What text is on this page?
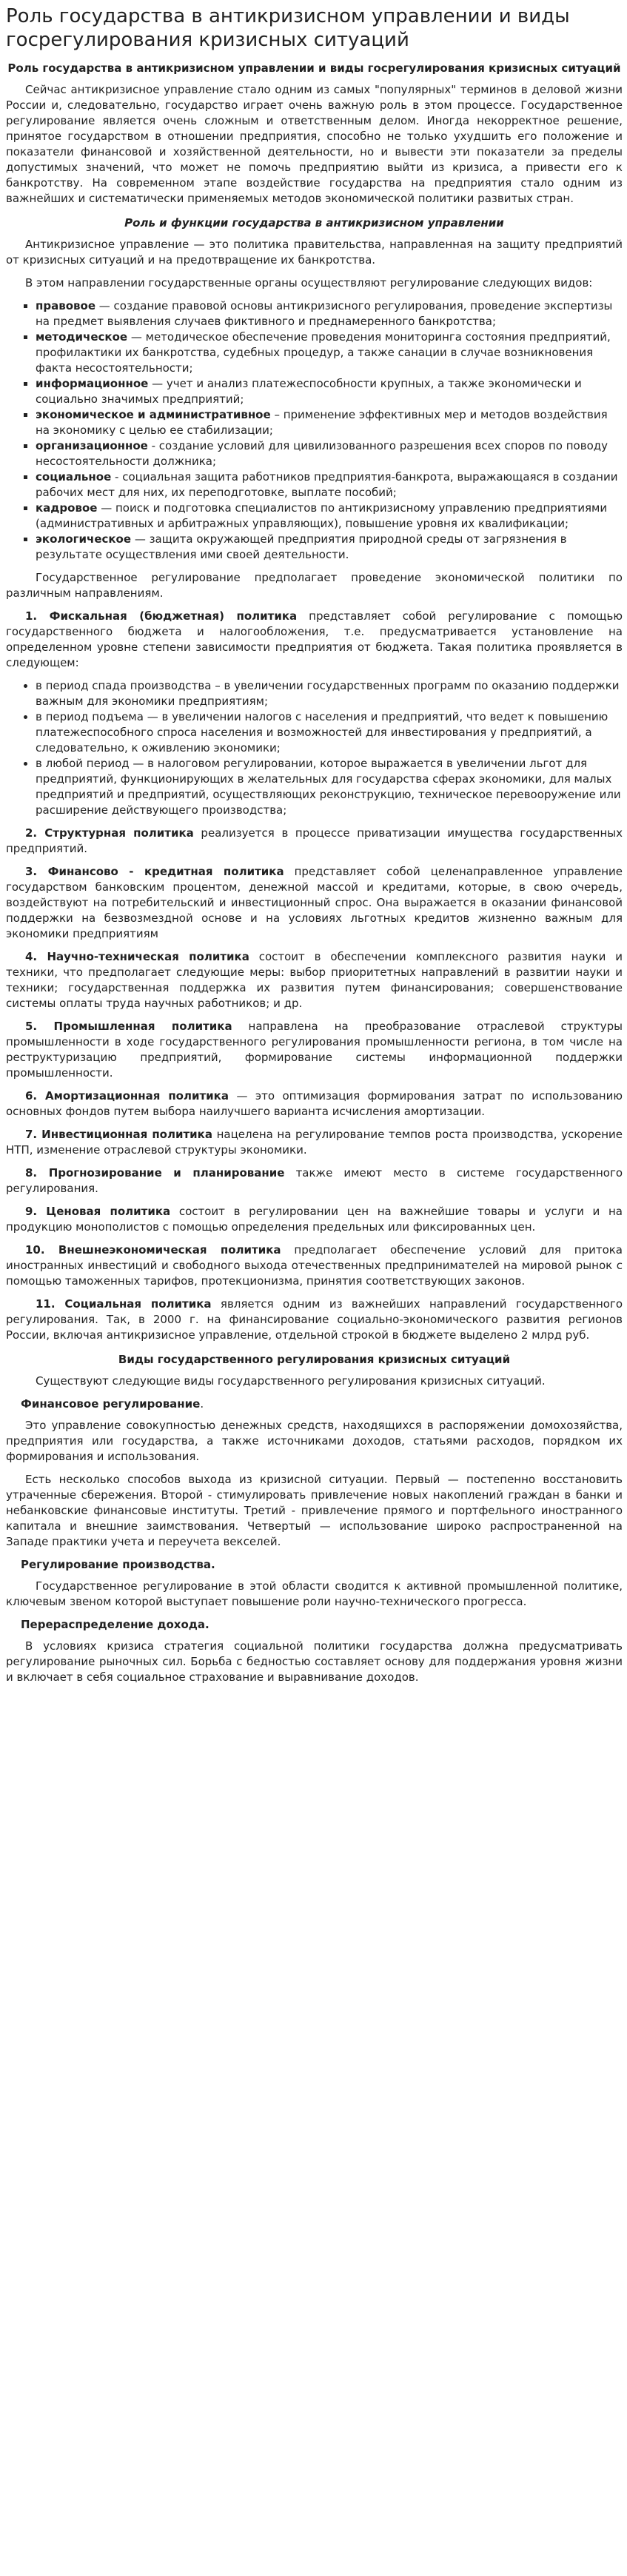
Роль государства в антикризисном управлении и виды госрегулирования кризисных ситуаций
Роль государства в антикризисном управлении и виды госрегулирования кризисных ситуаций

Сейчас антикризисное управление стало одним из самых "популярных" терминов в деловой жизни России и, следовательно, государство играет очень важную роль в этом процессе. Государственное регулирование является очень сложным и ответственным делом. Иногда некорректное решение, принятое государством в отношении предприятия, способно не только ухудшить его положение и показатели финансовой и хозяйственной деятельности, но и вывести эти показатели за пределы допустимых значений, что может не помочь предприятию выйти из кризиса, а привести его к банкротству. На современном этапе воздействие государства на предприятия стало одним из важнейших и систематически применяемых методов экономической политики развитых стран.

Роль и функции государства в антикризисном управлении

Антикризисное управление — это политика правительства, направленная на защиту предприятий от кризисных ситуаций и на предотвращение их банкротства.

В этом направлении государственные органы осуществляют регулирование следующих видов:

▪ правовое — создание правовой основы антикризисного регулирования, проведение экспертизы на предмет выявления случаев фиктивного и преднамеренного банкротства;
▪ методическое — методическое обеспечение проведения мониторинга состояния предприятий, профилактики их банкротства, судебных процедур, а также санации в случае возникновения факта несостоятельности;
▪ информационное — учет и анализ платежеспособности крупных, а также экономически и социально значимых предприятий;
▪ экономическое и административное – применение эффективных мер и методов воздействия на экономику с целью ее стабилизации;
▪ организационное - создание условий для цивилизованного разрешения всех споров по поводу несостоятельности должника;
▪ социальное - социальная защита работников предприятия-банкрота, выражающаяся в создании рабочих мест для них, их переподготовке, выплате пособий;
▪ кадровое — поиск и подготовка специалистов по антикризисному управлению предприятиями (административных и арбитражных управляющих), повышение уровня их квалификации;
▪ экологическое — защита окружающей предприятия природной среды от загрязнения в результате осуществления ими своей деятельности.

Государственное регулирование предполагает проведение экономической политики по различным направлениям.

1. Фискальная (бюджетная) политика представляет собой регулирование с помощью государственного бюджета и налогообложения, т.е. предусматривается установление на определенном уровне степени зависимости предприятия от бюджета. Такая политика проявляется в следующем:

• в период спада производства – в увеличении государственных программ по оказанию поддержки важным для экономики предприятиям;
• в период подъема — в увеличении налогов с населения и предприятий, что ведет к повышению платежеспособного спроса населения и возможностей для инвестирования у предприятий, а следовательно, к оживлению экономики;
• в любой период — в налоговом регулировании, которое выражается в увеличении льгот для предприятий, функционирующих в желательных для государства сферах экономики, для малых предприятий и предприятий, осуществляющих реконструкцию, техническое перевооружение или расширение действующего производства;

2. Структурная политика реализуется в процессе приватизации имущества государственных предприятий.

3. Финансово - кредитная политика представляет собой целенаправленное управление государством банковским процентом, денежной массой и кредитами, которые, в свою очередь, воздействуют на потребительский и инвестиционный спрос. Она выражается в оказании финансовой поддержки на безвозмездной основе и на условиях льготных кредитов жизненно важным для экономики предприятиям

4. Научно-техническая политика состоит в обеспечении комплексного развития науки и техники, что предполагает следующие меры: выбор приоритетных направлений в развитии науки и техники; государственная поддержка их развития путем финансирования; совершенствование системы оплаты труда научных работников; и др.

5. Промышленная политика направлена на преобразование отраслевой структуры промышленности в ходе государственного регулирования промышленности региона, в том числе на реструктуризацию предприятий, формирование системы информационной поддержки промышленности.

6. Амортизационная политика — это оптимизация формирования затрат по использованию основных фондов путем выбора наилучшего варианта исчисления амортизации.

7. Инвестиционная политика нацелена на регулирование темпов роста производства, ускорение НТП, изменение отраслевой структуры экономики.

8. Прогнозирование и планирование также имеют место в системе государственного регулирования.

9. Ценовая политика состоит в регулировании цен на важнейшие товары и услуги и на продукцию монополистов с помощью определения предельных или фиксированных цен.

10. Внешнеэкономическая политика предполагает обеспечение условий для притока иностранных инвестиций и свободного выхода отечественных предпринимателей на мировой рынок с помощью таможенных тарифов, протекционизма, принятия соответствующих законов.

11. Социальная политика является одним из важнейших направлений государственного регулирования. Так, в 2000 г. на финансирование социально-экономического развития регионов России, включая антикризисное управление, отдельной строкой в бюджете выделено 2 млрд руб.

Виды государственного регулирования кризисных ситуаций

Существуют следующие виды государственного регулирования кризисных ситуаций.

Финансовое регулирование.

Это управление совокупностью денежных средств, находящихся в распоряжении домохозяйства, предприятия или государства, а также источниками доходов, статьями расходов, порядком их формирования и использования.

Есть несколько способов выхода из кризисной ситуации. Первый — постепенно восстановить утраченные сбережения. Второй - стимулировать привлечение новых накоплений граждан в банки и небанковские финансовые институты. Третий - привлечение прямого и портфельного иностранного капитала и внешние заимствования. Четвертый — использование широко распространенной на Западе практики учета и переучета векселей.

Регулирование производства.

Государственное регулирование в этой области сводится к активной промышленной политике, ключевым звеном которой выступает повышение роли научно-технического прогресса.

Перераспределение дохода.

В условиях кризиса стратегия социальной политики государства должна предусматривать регулирование рыночных сил. Борьба с бедностью составляет основу для поддержания уровня жизни и включает в себя социальное страхование и выравнивание доходов.
